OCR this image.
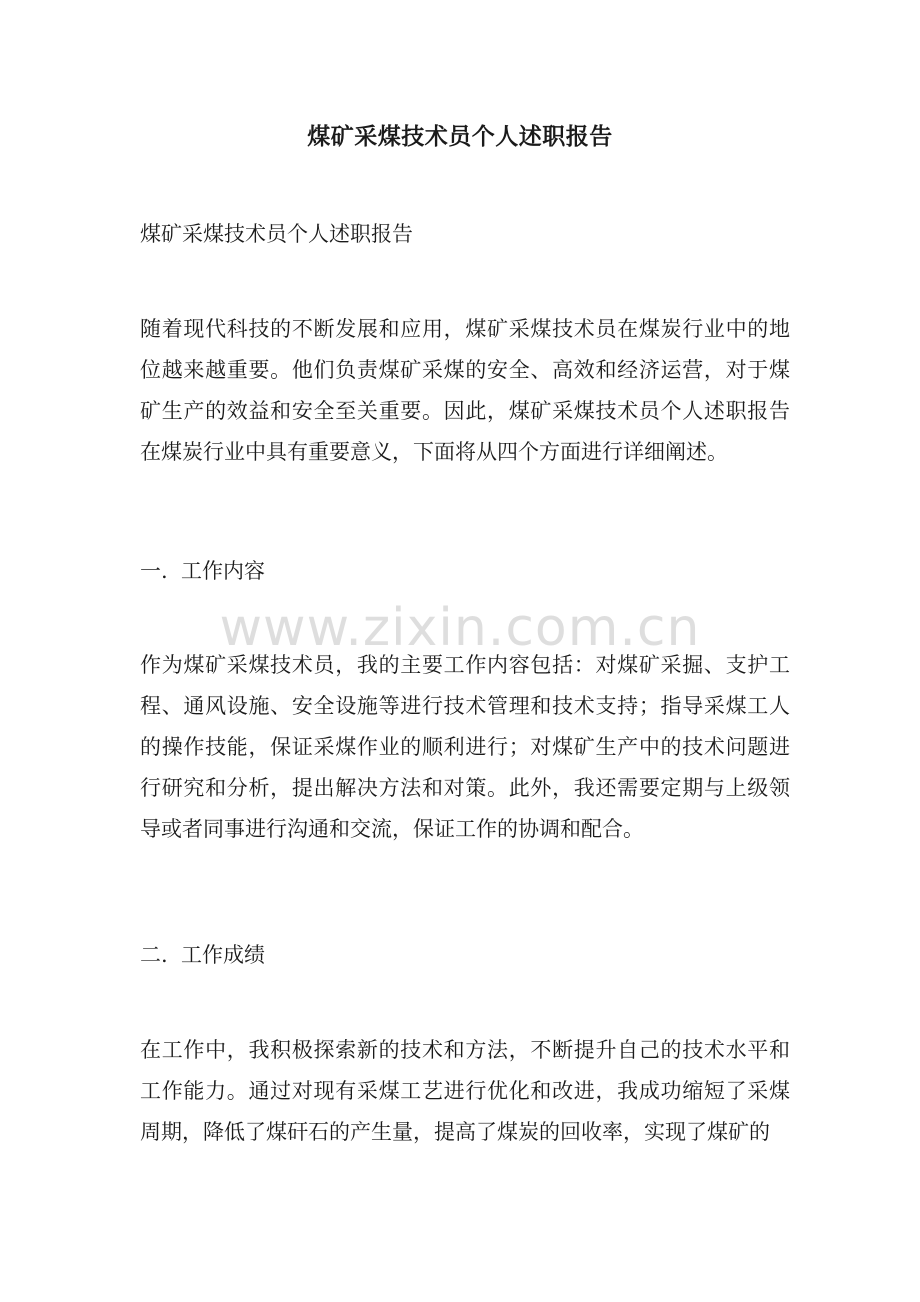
煤矿采煤技术员个人述职报告
煤矿采煤技术员个人述职报告
随着现代科技的不断发展和应用，煤矿采煤技术员在煤炭行业中的地位越来越重要。他们负责煤矿采煤的安全、高效和经济运营，对于煤矿生产的效益和安全至关重要。因此，煤矿采煤技术员个人述职报告在煤炭行业中具有重要意义，下面将从四个方面进行详细阐述。
一.  工作内容
作为煤矿采煤技术员，我的主要工作内容包括：对煤矿采掘、支护工程、通风设施、安全设施等进行技术管理和技术支持；指导采煤工人的操作技能，保证采煤作业的顺利进行；对煤矿生产中的技术问题进行研究和分析，提出解决方法和对策。此外，我还需要定期与上级领导或者同事进行沟通和交流，保证工作的协调和配合。
二.  工作成绩
在工作中，我积极探索新的技术和方法，不断提升自己的技术水平和工作能力。通过对现有采煤工艺进行优化和改进，我成功缩短了采煤周期，降低了煤矸石的产生量，提高了煤炭的回收率，实现了煤矿的
www.zixin.com.cn
